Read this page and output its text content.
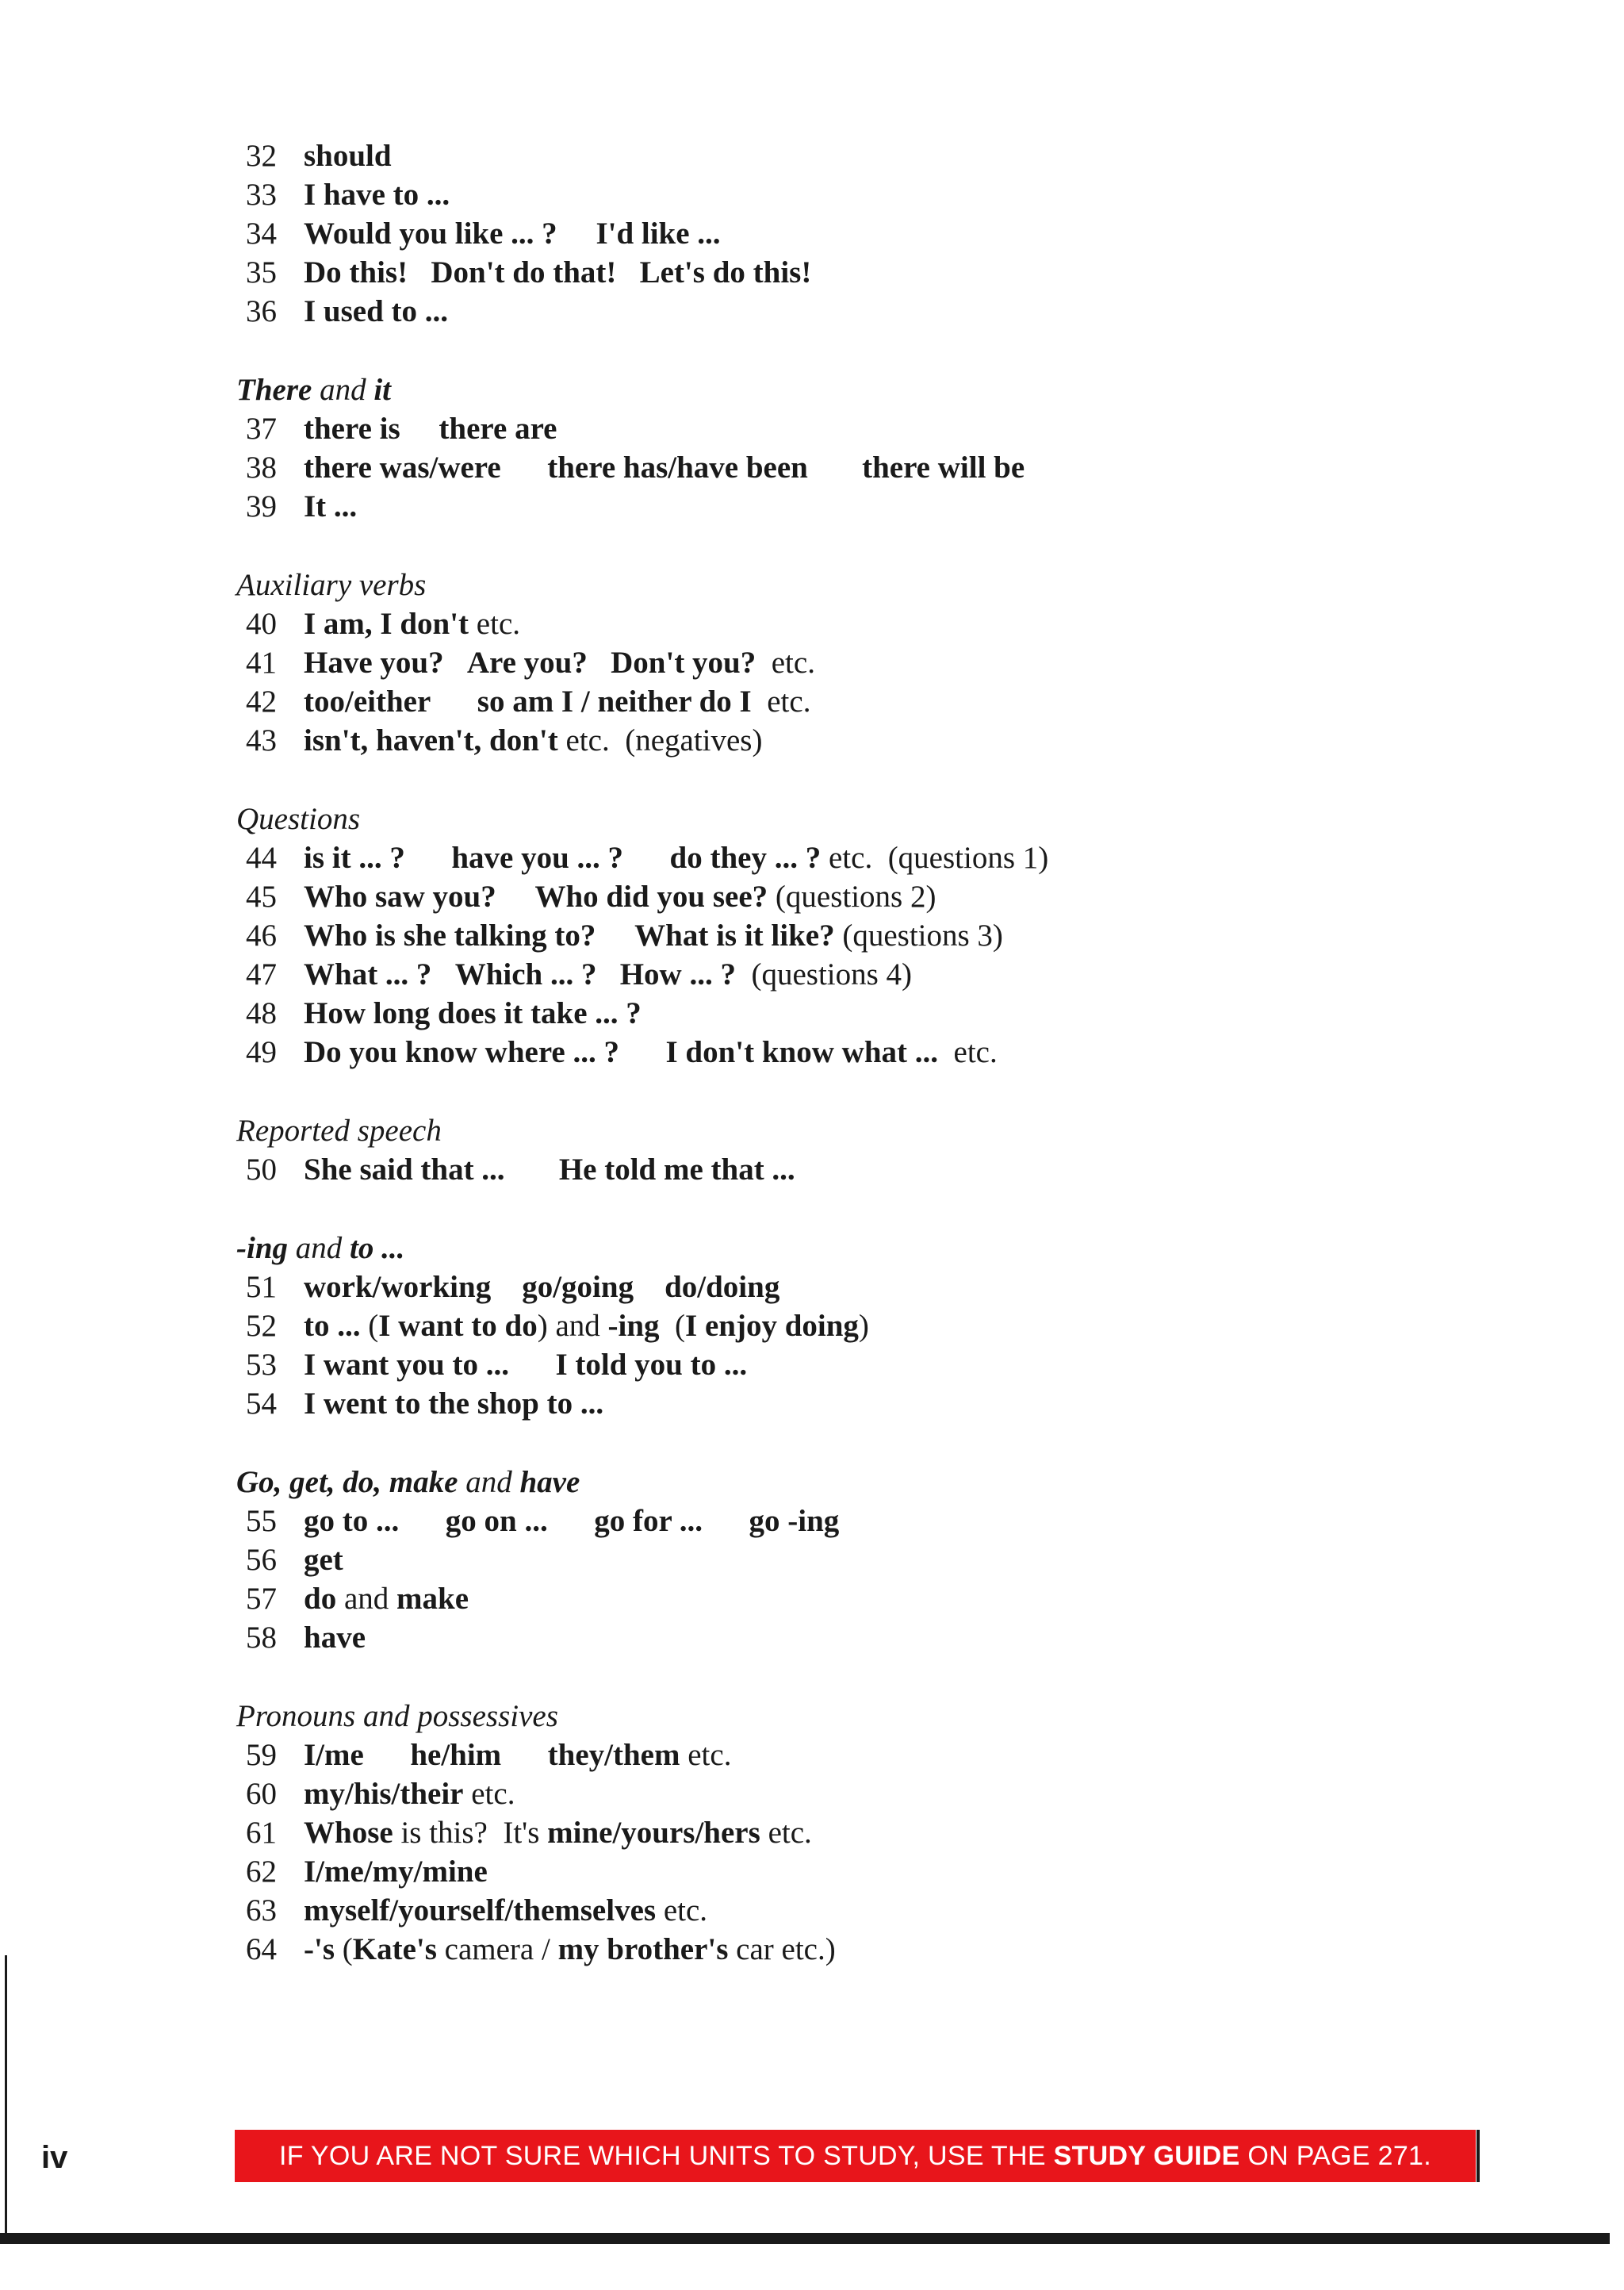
32 should
33 I have to ...
34 Would you like ... ? I'd like ...
35 Do this! Don't do that! Let's do this!
36 I used to ...
There and it
37 there is there are
38 there was/were there has/have been there will be
39 It ...
Auxiliary verbs
40 I am, I don't etc.
41 Have you? Are you? Don't you?  etc.
42 too/either so am I / neither do I  etc.
43 isn't, haven't, don't etc.  (negatives)
Questions
44 is it ... ? have you ... ? do they ... ? etc.  (questions 1)
45 Who saw you? Who did you see? (questions 2)
46 Who is she talking to? What is it like? (questions 3)
47 What ... ? Which ... ? How ... ?  (questions 4)
48 How long does it take ... ?
49 Do you know where ... ? I don't know what ...  etc.
Reported speech
50 She said that ... He told me that ...
-ing and to ...
51 work/working go/going do/doing
52 to ... (I want to do) and -ing  (I enjoy doing)
53 I want you to ... I told you to ...
54 I went to the shop to ...
Go, get, do, make and have
55 go to ... go on ... go for ... go -ing
56 get
57 do and make
58 have
Pronouns and possessives
59 I/me he/him they/them etc.
60 my/his/their etc.
61 Whose is this?  It's mine/yours/hers etc.
62 I/me/my/mine
63 myself/yourself/themselves etc.
64 -'s (Kate's camera / my brother's car etc.)
iv	IF YOU ARE NOT SURE WHICH UNITS TO STUDY, USE THE STUDY GUIDE ON PAGE 271.
